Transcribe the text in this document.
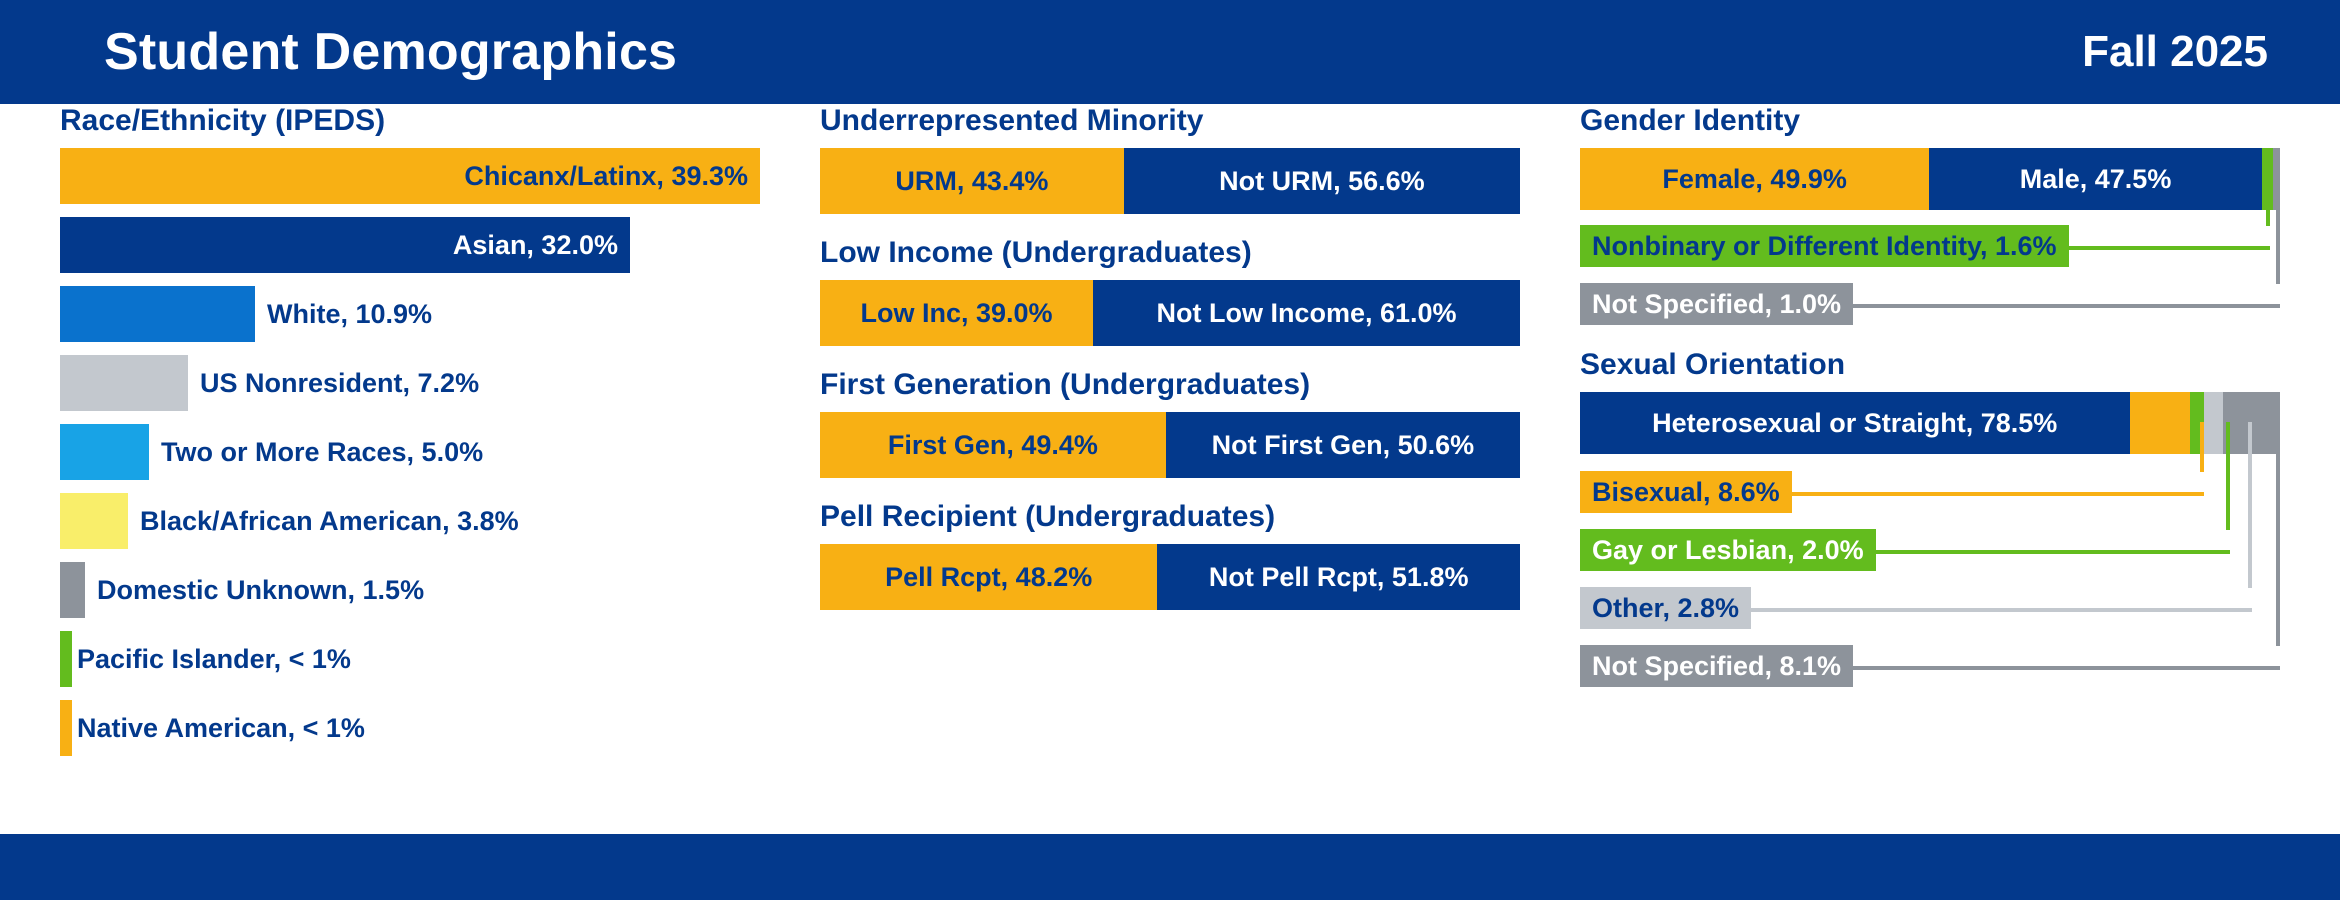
Student Demographics	Fall 2025
Race/Ethnicity (IPEDS)
Chicanx/Latinx, 39.3%
Asian, 32.0%
White, 10.9%
US Nonresident, 7.2%
Two or More Races, 5.0%
Black/African American, 3.8%
Domestic Unknown, 1.5%
Pacific Islander, < 1%
Native American, < 1%
Underrepresented Minority
URM, 43.4%	Not URM, 56.6%
Low Income (Undergraduates)
Low Inc, 39.0%	Not Low Income, 61.0%
First Generation (Undergraduates)
First Gen, 49.4%	Not First Gen, 50.6%
Pell Recipient (Undergraduates)
Pell Rcpt, 48.2%	Not Pell Rcpt, 51.8%
Gender Identity
Female, 49.9%	Male, 47.5%
Nonbinary or Different Identity, 1.6%
Not Specified, 1.0%
Sexual Orientation
Heterosexual or Straight, 78.5%
Bisexual, 8.6%
Gay or Lesbian, 2.0%
Other, 2.8%
Not Specified, 8.1%
